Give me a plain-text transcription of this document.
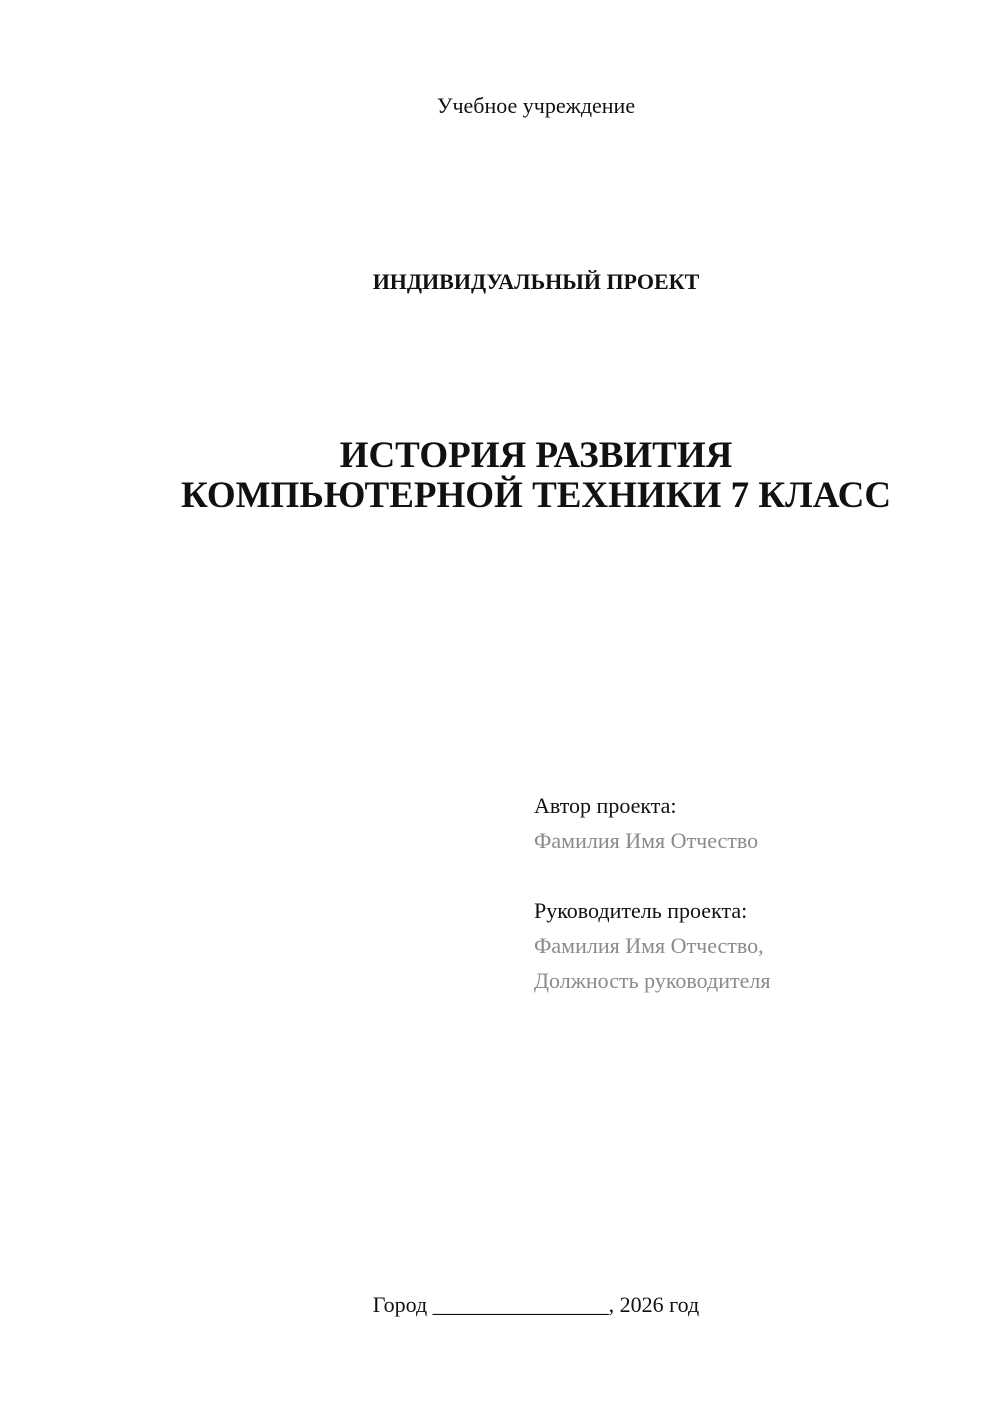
Учебное учреждение
ИНДИВИДУАЛЬНЫЙ ПРОЕКТ
ИСТОРИЯ РАЗВИТИЯ
КОМПЬЮТЕРНОЙ ТЕХНИКИ 7 КЛАСС
Автор проекта:
Фамилия Имя Отчество
Руководитель проекта:
Фамилия Имя Отчество,
Должность руководителя
Город ________________, 2026 год
